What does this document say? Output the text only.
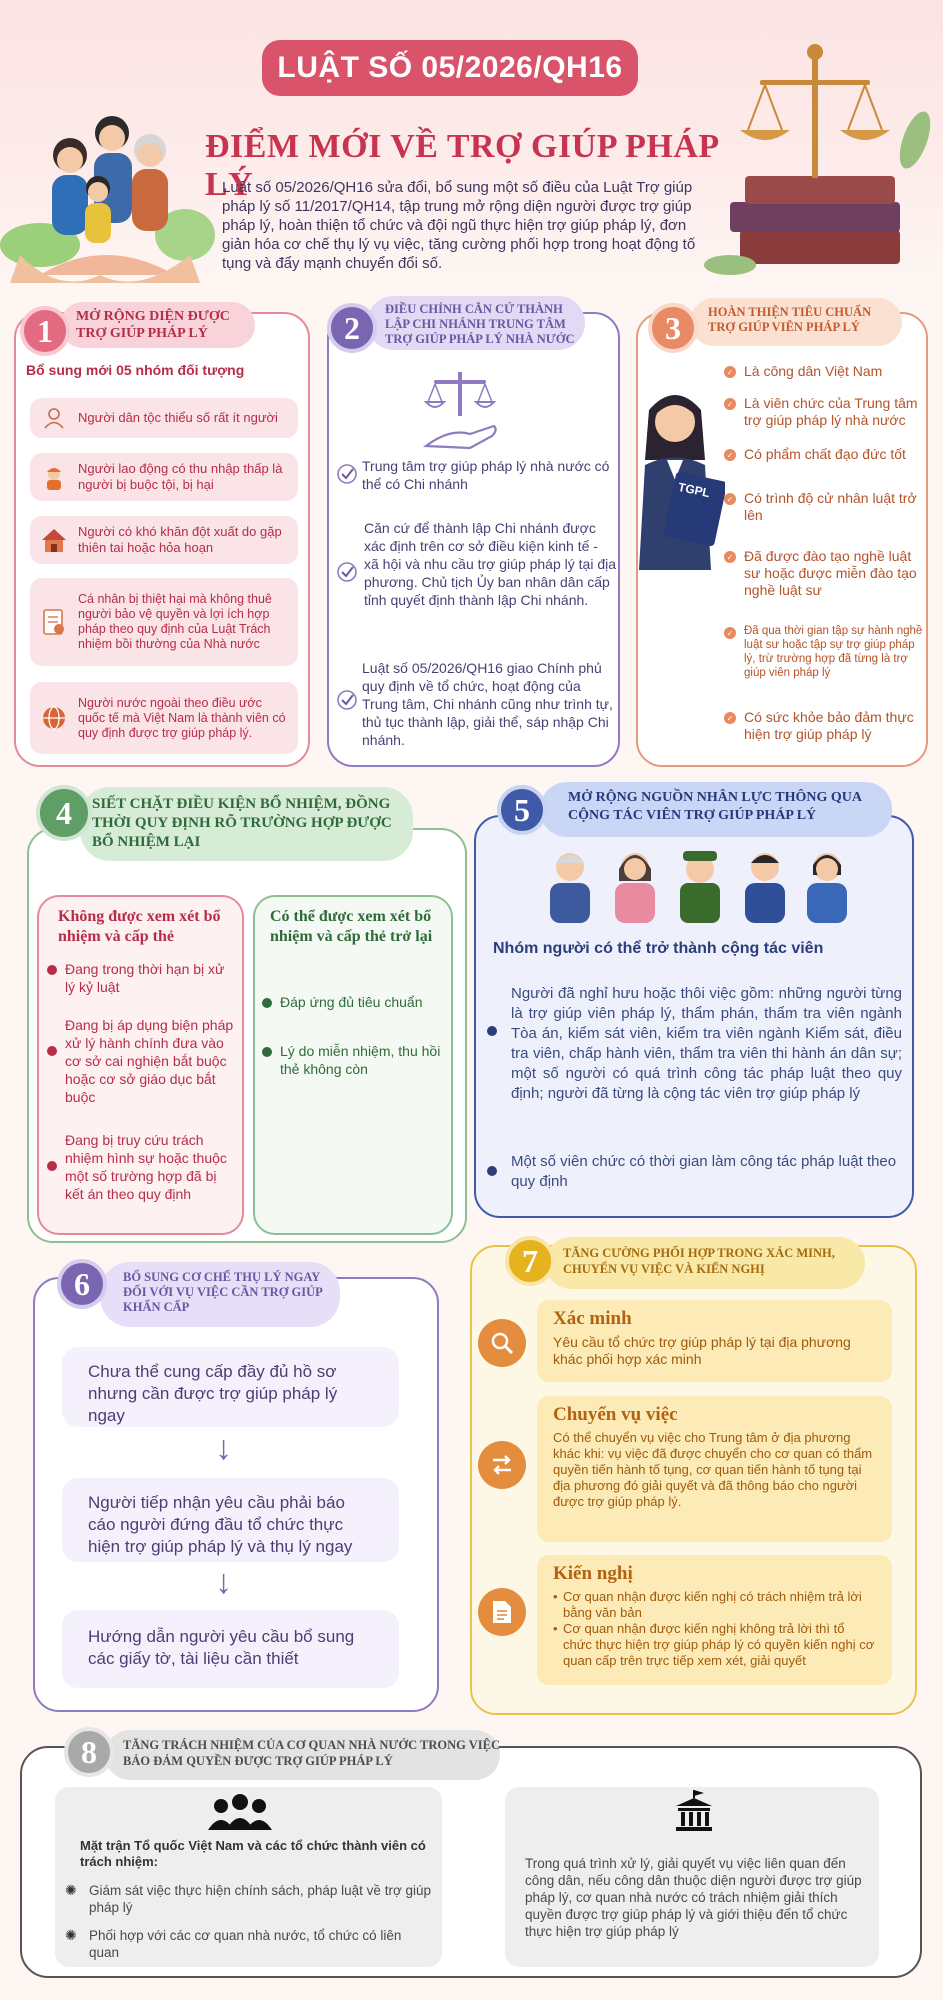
LUẬT SỐ 05/2026/QH16
ĐIỂM MỚI VỀ TRỢ GIÚP PHÁP LÝ
Luật số 05/2026/QH16 sửa đổi, bổ sung một số điều của Luật Trợ giúp pháp lý số 11/2017/QH14, tập trung mở rộng diện người được trợ giúp pháp lý, hoàn thiện tổ chức và đội ngũ thực hiện trợ giúp pháp lý, đơn giản hóa cơ chế thụ lý vụ việc, tăng cường phối hợp trong hoạt động tố tụng và đẩy mạnh chuyển đổi số.
1	MỞ RỘNG DIỆN ĐƯỢC TRỢ GIÚP PHÁP LÝ
Bổ sung mới 05 nhóm đối tượng
Người dân tộc thiểu số rất ít người
Người lao động có thu nhập thấp là người bị buộc tội, bị hại
Người có khó khăn đột xuất do gặp thiên tai hoặc hỏa hoạn
Cá nhân bị thiệt hại mà không thuê người bảo vệ quyền và lợi ích hợp pháp theo quy định của Luật Trách nhiệm bồi thường của Nhà nước
Người nước ngoài theo điều ước quốc tế mà Việt Nam là thành viên có quy định được trợ giúp pháp lý.
2
ĐIỀU CHỈNH CĂN CỨ THÀNH LẬP CHI NHÁNH TRUNG TÂM TRỢ GIÚP PHÁP LÝ NHÀ NƯỚC
Trung tâm trợ giúp pháp lý nhà nước có thể có Chi nhánh
Căn cứ để thành lập Chi nhánh được xác định trên cơ sở điều kiện kinh tế - xã hội và nhu cầu trợ giúp pháp lý tại địa phương. Chủ tịch Ủy ban nhân dân cấp tỉnh quyết định thành lập Chi nhánh.
Luật số 05/2026/QH16 giao Chính phủ quy định về tổ chức, hoạt động của Trung tâm, Chi nhánh cũng như trình tự, thủ tục thành lập, giải thể, sáp nhập Chi nhánh.
3	HOÀN THIỆN TIÊU CHUẨN TRỢ GIÚP VIÊN PHÁP LÝ
TGPL
✓ Là công dân Việt Nam
✓ Là viên chức của Trung tâm trợ giúp pháp lý nhà nước
✓ Có phẩm chất đạo đức tốt
✓ Có trình độ cử nhân luật trở lên
✓ Đã được đào tạo nghề luật sư hoặc được miễn đào tạo nghề luật sư
✓ Đã qua thời gian tập sự hành nghề luật sư hoặc tập sự trợ giúp pháp lý, trừ trường hợp đã từng là trợ giúp viên pháp lý
✓ Có sức khỏe bảo đảm thực hiện trợ giúp pháp lý
4	SIẾT CHẶT ĐIỀU KIỆN BỔ NHIỆM, ĐỒNG THỜI QUY ĐỊNH RÕ TRƯỜNG HỢP ĐƯỢC BỔ NHIỆM LẠI
Không được xem xét bổ nhiệm và cấp thẻ
Đang trong thời hạn bị xử lý kỷ luật
Đang bị áp dụng biện pháp xử lý hành chính đưa vào cơ sở cai nghiện bắt buộc hoặc cơ sở giáo dục bắt buộc
Đang bị truy cứu trách nhiệm hình sự hoặc thuộc một số trường hợp đã bị kết án theo quy định
Có thể được xem xét bổ nhiệm và cấp thẻ trở lại
Đáp ứng đủ tiêu chuẩn
Lý do miễn nhiệm, thu hồi thẻ không còn
5	MỞ RỘNG NGUỒN NHÂN LỰC THÔNG QUA CỘNG TÁC VIÊN TRỢ GIÚP PHÁP LÝ
Nhóm người có thể trở thành cộng tác viên
Người đã nghỉ hưu hoặc thôi việc gồm: những người từng là trợ giúp viên pháp lý, thẩm phán, thẩm tra viên ngành Tòa án, kiểm sát viên, kiểm tra viên ngành Kiểm sát, điều tra viên, chấp hành viên, thẩm tra viên thi hành án dân sự; một số người có quá trình công tác pháp luật theo quy định; người đã từng là cộng tác viên trợ giúp pháp lý
Một số viên chức có thời gian làm công tác pháp luật theo quy định
6	BỔ SUNG CƠ CHẾ THỤ LÝ NGAY ĐỐI VỚI VỤ VIỆC CẦN TRỢ GIÚP KHẨN CẤP
Chưa thể cung cấp đầy đủ hồ sơ nhưng cần được trợ giúp pháp lý ngay
↓
Người tiếp nhận yêu cầu phải báo cáo người đứng đầu tổ chức thực hiện trợ giúp pháp lý và thụ lý ngay
↓
Hướng dẫn người yêu cầu bổ sung các giấy tờ, tài liệu cần thiết
7	TĂNG CƯỜNG PHỐI HỢP TRONG XÁC MINH, CHUYỂN VỤ VIỆC VÀ KIẾN NGHỊ
Xác minh
Yêu cầu tổ chức trợ giúp pháp lý tại địa phương khác phối hợp xác minh
Chuyển vụ việc
Có thể chuyển vụ việc cho Trung tâm ở địa phương khác khi: vụ việc đã được chuyển cho cơ quan có thẩm quyền tiến hành tố tụng, cơ quan tiến hành tố tụng tại địa phương đó giải quyết và đã thông báo cho người được trợ giúp pháp lý.
Kiến nghị
• Cơ quan nhận được kiến nghị có trách nhiệm trả lời bằng văn bản
• Cơ quan nhận được kiến nghị không trả lời thì tổ chức thực hiện trợ giúp pháp lý có quyền kiến nghị cơ quan cấp trên trực tiếp xem xét, giải quyết
8	TĂNG TRÁCH NHIỆM CỦA CƠ QUAN NHÀ NƯỚC TRONG VIỆC BẢO ĐẢM QUYỀN ĐƯỢC TRỢ GIÚP PHÁP LÝ
Mặt trận Tổ quốc Việt Nam và các tổ chức thành viên có trách nhiệm:
✺ Giám sát việc thực hiện chính sách, pháp luật về trợ giúp pháp lý
✺ Phối hợp với các cơ quan nhà nước, tổ chức có liên quan
Trong quá trình xử lý, giải quyết vụ việc liên quan đến công dân, nếu công dân thuộc diện người được trợ giúp pháp lý, cơ quan nhà nước có trách nhiệm giải thích quyền được trợ giúp pháp lý và giới thiệu đến tổ chức thực hiện trợ giúp pháp lý
